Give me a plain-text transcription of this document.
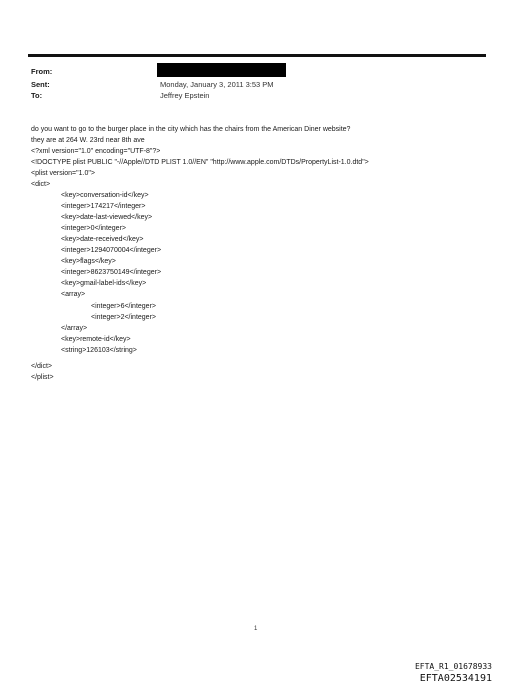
From:
Sent:	Monday, January 3, 2011 3:53 PM
To:	Jeffrey Epstein
do you want to go to the burger place in the city which has the chairs from the American Diner website?
they are at 264 W. 23rd near 8th ave
<?xml version="1.0" encoding="UTF-8"?>
<!DOCTYPE plist PUBLIC "-//Apple//DTD PLIST 1.0//EN" "http://www.apple.com/DTDs/PropertyList-1.0.dtd">
<plist version="1.0">
<dict>
<key>conversation-id</key>
<integer>174217</integer>
<key>date-last-viewed</key>
<integer>0</integer>
<key>date-received</key>
<integer>1294070004</integer>
<key>flags</key>
<integer>8623750149</integer>
<key>gmail-label-ids</key>
<array>
<integer>6</integer>
<integer>2</integer>
</array>
<key>remote-id</key>
<string>126103</string>
</dict>
</plist>
1
EFTA_R1_01678933
EFTA02534191
